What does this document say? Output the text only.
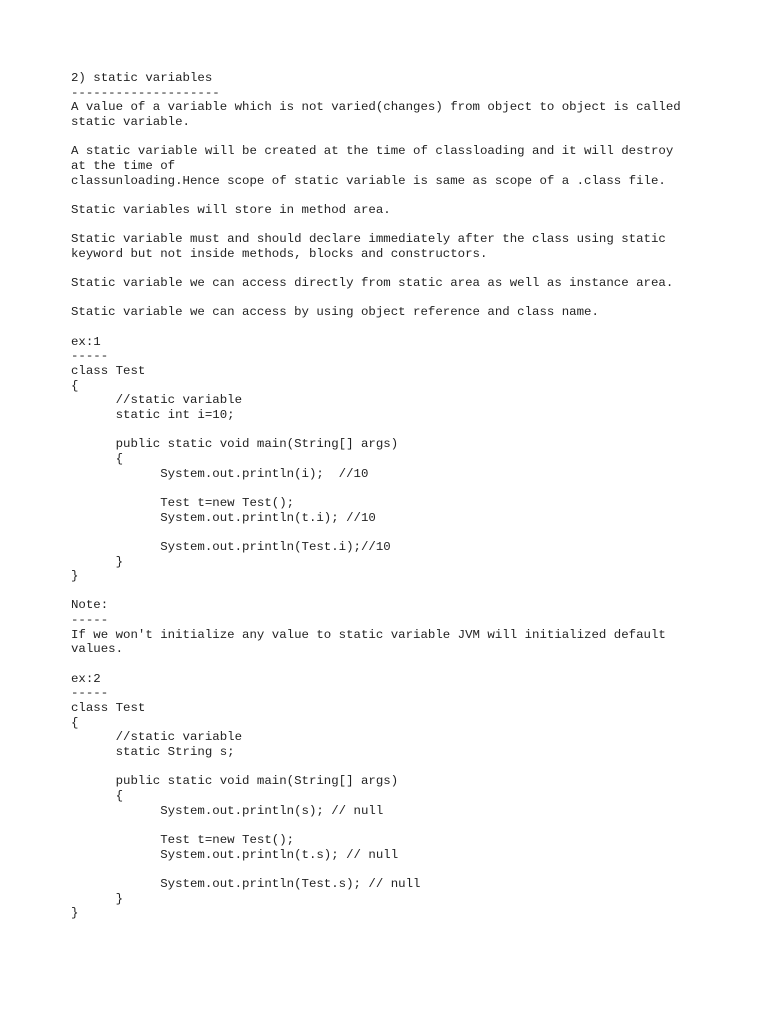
2) static variables
--------------------
A value of a variable which is not varied(changes) from object to object is called
static variable.
A static variable will be created at the time of classloading and it will destroy
at the time of
classunloading.Hence scope of static variable is same as scope of a .class file.
Static variables will store in method area.
Static variable must and should declare immediately after the class using static
keyword but not inside methods, blocks and constructors.
Static variable we can access directly from static area as well as instance area.
Static variable we can access by using object reference and class name.
ex:1
-----
class Test
{
//static variable
static int i=10;
public static void main(String[] args)
{
System.out.println(i);  //10
Test t=new Test();
System.out.println(t.i); //10
System.out.println(Test.i);//10
}
}
Note:
-----
If we won't initialize any value to static variable JVM will initialized default
values.
ex:2
-----
class Test
{
//static variable
static String s;
public static void main(String[] args)
{
System.out.println(s); // null
Test t=new Test();
System.out.println(t.s); // null
System.out.println(Test.s); // null
}
}
